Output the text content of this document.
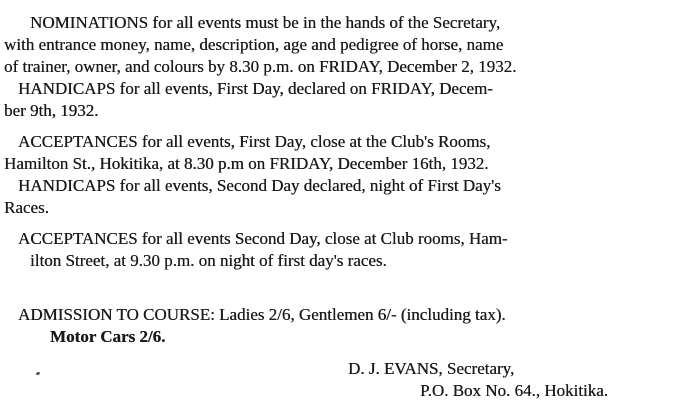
NOMINATIONS for all events must be in the hands of the Secretary,
with entrance money, name, description, age and pedigree of horse, name
of trainer, owner, and colours by 8.30 p.m. on FRIDAY, December 2, 1932.
HANDICAPS for all events, First Day, declared on FRIDAY, Decem-
ber 9th, 1932.
ACCEPTANCES for all events, First Day, close at the Club's Rooms,
Hamilton St., Hokitika, at 8.30 p.m on FRIDAY, December 16th, 1932.
HANDICAPS for all events, Second Day declared, night of First Day's
Races.
ACCEPTANCES for all events Second Day, close at Club rooms, Ham-
ilton Street, at 9.30 p.m. on night of first day's races.
ADMISSION TO COURSE: Ladies 2/6, Gentlemen 6/- (including tax).
Motor Cars 2/6.
D. J. EVANS, Secretary,
P.O. Box No. 64., Hokitika.
